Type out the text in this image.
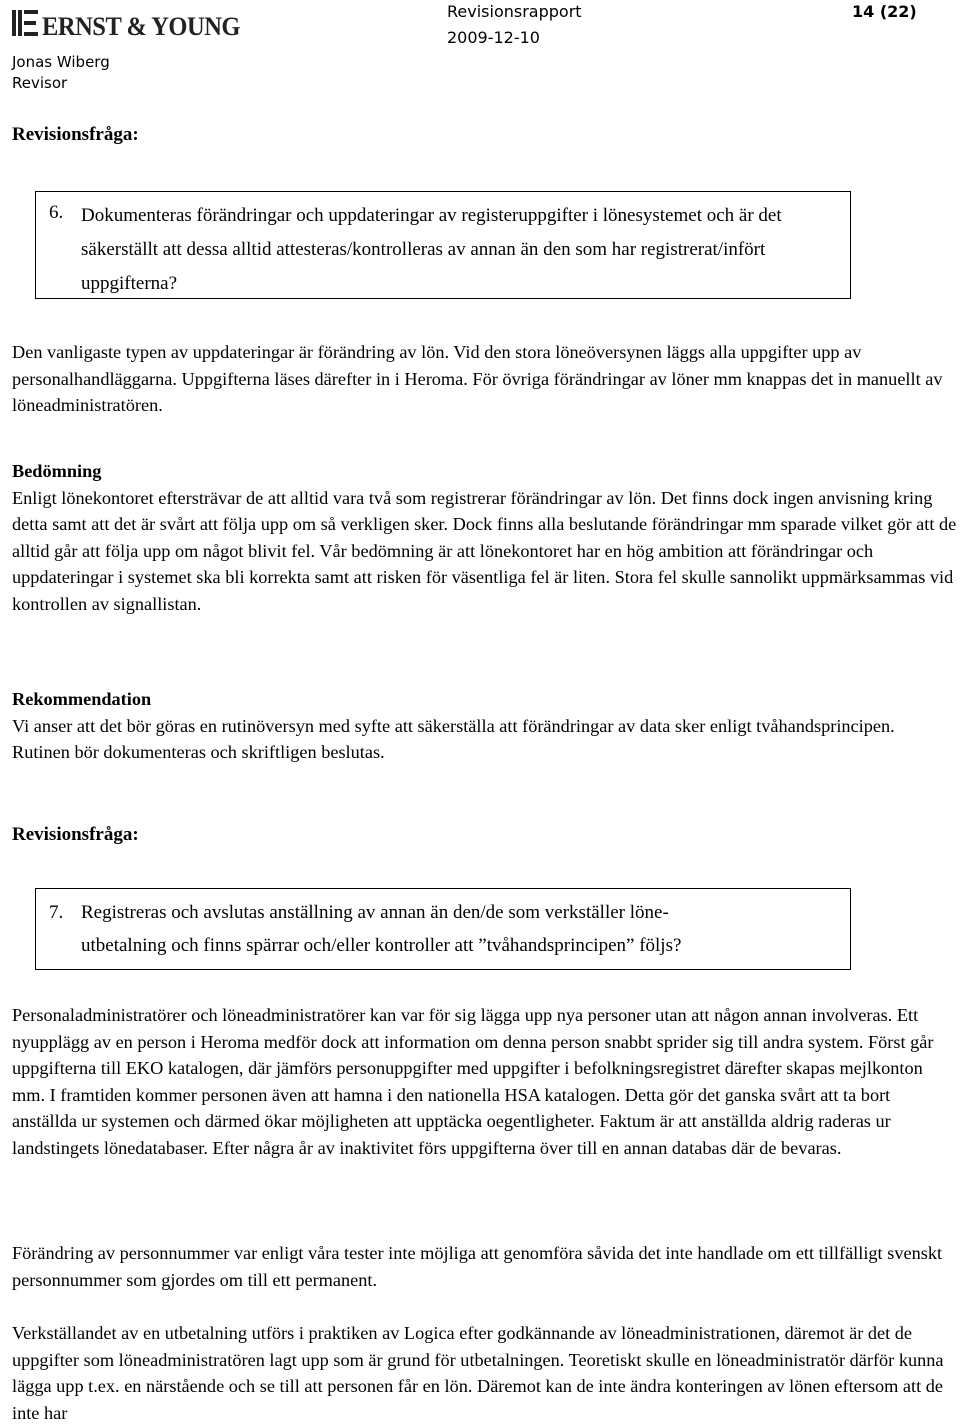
ERNST & YOUNG
Revisionsrapport
2009-12-10
14 (22)
Jonas Wiberg
Revisor
Revisionsfråga:
6. Dokumenteras förändringar och uppdateringar av registeruppgifter i lönesystemet och är det säkerställt att dessa alltid attesteras/kontrolleras av annan än den som har registrerat/infört uppgifterna?

Den vanligaste typen av uppdateringar är förändring av lön. Vid den stora löneöversynen läggs alla uppgifter upp av personalhandläggarna. Uppgifterna läses därefter in i Heroma. För övriga förändringar av löner mm knappas det in manuellt av löneadministratören.

Bedömning
Enligt lönekontoret eftersträvar de att alltid vara två som registrerar förändringar av lön. Det finns dock ingen anvisning kring detta samt att det är svårt att följa upp om så verkligen sker. Dock finns alla beslutande förändringar mm sparade vilket gör att de alltid går att följa upp om något blivit fel. Vår bedömning är att lönekontoret har en hög ambition att förändringar och uppdateringar i systemet ska bli korrekta samt att risken för väsentliga fel är liten. Stora fel skulle sannolikt uppmärksammas vid kontrollen av signallistan.
Rekommendation
Vi anser att det bör göras en rutinöversyn med syfte att säkerställa att förändringar av data sker enligt tvåhandsprincipen. Rutinen bör dokumenteras och skriftligen beslutas.
Revisionsfråga:
7. Registreras och avslutas anställning av annan än den/de som verkställer löne-
utbetalning och finns spärrar och/eller kontroller att ”tvåhandsprincipen” följs?

Personaladministratörer och löneadministratörer kan var för sig lägga upp nya personer utan att någon annan involveras. Ett nyupplägg av en person i Heroma medför dock att information om denna person snabbt sprider sig till andra system. Först går uppgifterna till EKO katalogen, där jämförs personuppgifter med uppgifter i befolkningsregistret därefter skapas mejlkonton mm. I framtiden kommer personen även att hamna i den nationella HSA katalogen. Detta gör det ganska svårt att ta bort anställda ur systemen och därmed ökar möjligheten att upptäcka oegentligheter. Faktum är att anställda aldrig raderas ur landstingets lönedatabaser. Efter några år av inaktivitet förs uppgifterna över till en annan databas där de bevaras.

Förändring av personnummer var enligt våra tester inte möjliga att genomföra såvida det inte handlade om ett tillfälligt svenskt personnummer som gjordes om till ett permanent.

Verkställandet av en utbetalning utförs i praktiken av Logica efter godkännande av löneadministrationen, däremot är det de uppgifter som löneadministratören lagt upp som är grund för utbetalningen. Teoretiskt skulle en löneadministratör därför kunna lägga upp t.ex. en närstående och se till att personen får en lön. Däremot kan de inte ändra konteringen av lönen eftersom att de inte har
